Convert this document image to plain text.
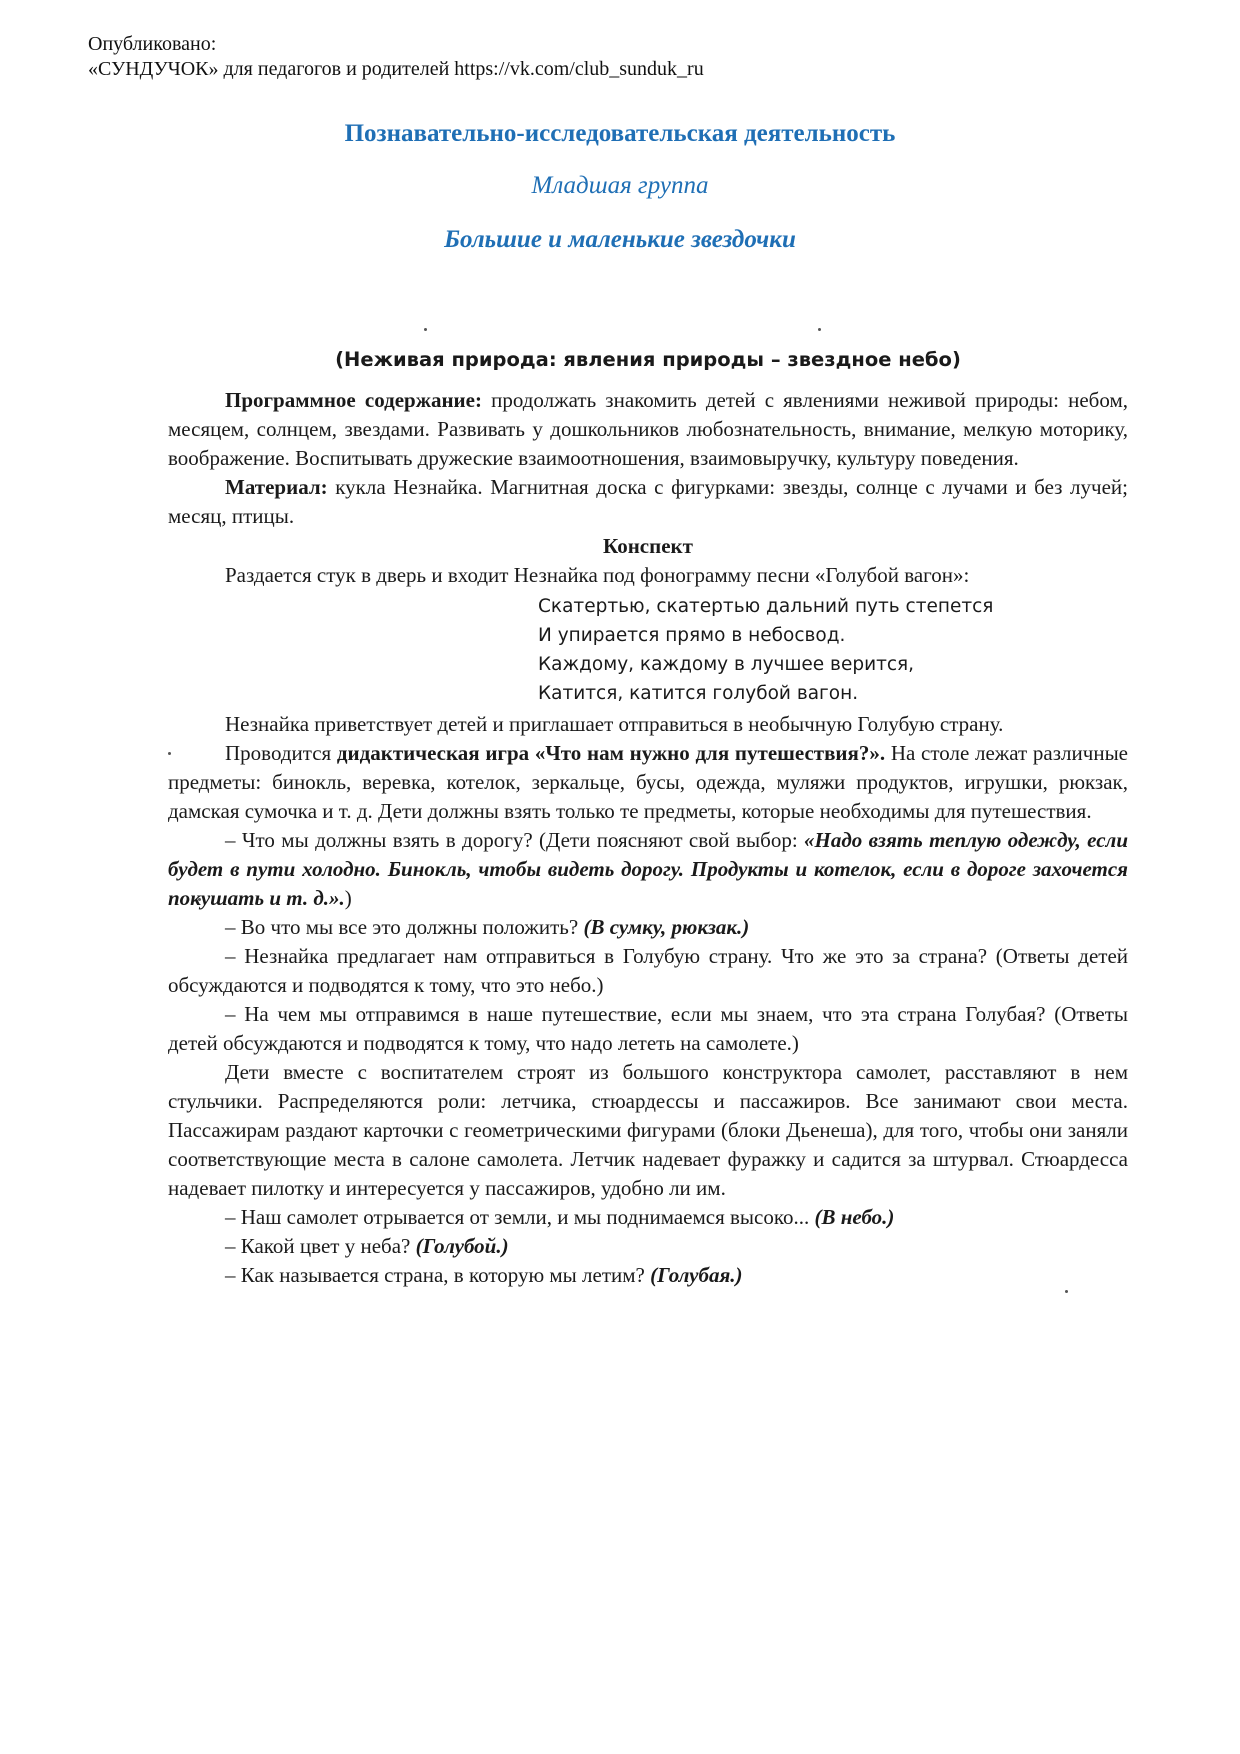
Опубликовано:
«СУНДУЧОК» для педагогов и родителей https://vk.com/club_sunduk_ru
Познавательно-исследовательская деятельность
Младшая группа
Большие и маленькие звездочки
(Неживая природа: явления природы – звездное небо)

Программное содержание: продолжать знакомить детей с явлениями неживой природы: небом, месяцем, солнцем, звездами. Развивать у дошкольников любознательность, внимание, мелкую моторику, воображение. Воспитывать дружеские взаимоотношения, взаимовыручку, культуру поведения.

Материал: кукла Незнайка. Магнитная доска с фигурками: звезды, солнце с лучами и без лучей; месяц, птицы.

Конспект

Раздается стук в дверь и входит Незнайка под фонограмму песни «Голубой вагон»:

Скатертью, скатертью дальний путь степется
И упирается прямо в небосвод.
Каждому, каждому в лучшее верится,
Катится, катится голубой вагон.

Незнайка приветствует детей и приглашает отправиться в необычную Голубую страну.

Проводится дидактическая игра «Что нам нужно для путешествия?». На столе лежат различные предметы: бинокль, веревка, котелок, зеркальце, бусы, одежда, муляжи продуктов, игрушки, рюкзак, дамская сумочка и т. д. Дети должны взять только те предметы, которые необходимы для путешествия.

– Что мы должны взять в дорогу? (Дети поясняют свой выбор: «Надо взять теплую одежду, если будет в пути холодно. Бинокль, чтобы видеть дорогу. Продукты и котелок, если в дороге захочется покушать и т. д.».)

– Во что мы все это должны положить? (В сумку, рюкзак.)

– Незнайка предлагает нам отправиться в Голубую страну. Что же это за страна? (Ответы детей обсуждаются и подводятся к тому, что это небо.)

– На чем мы отправимся в наше путешествие, если мы знаем, что эта страна Голубая? (Ответы детей обсуждаются и подводятся к тому, что надо лететь на самолете.)

Дети вместе с воспитателем строят из большого конструктора самолет, расставляют в нем стульчики. Распределяются роли: летчика, стюардессы и пассажиров. Все занимают свои места. Пассажирам раздают карточки с геометрическими фигурами (блоки Дьенеша), для того, чтобы они заняли соответствующие места в салоне самолета. Летчик надевает фуражку и садится за штурвал. Стюардесса надевает пилотку и интересуется у пассажиров, удобно ли им.

– Наш самолет отрывается от земли, и мы поднимаемся высоко... (В небо.)

– Какой цвет у неба? (Голубой.)

– Как называется страна, в которую мы летим? (Голубая.)
